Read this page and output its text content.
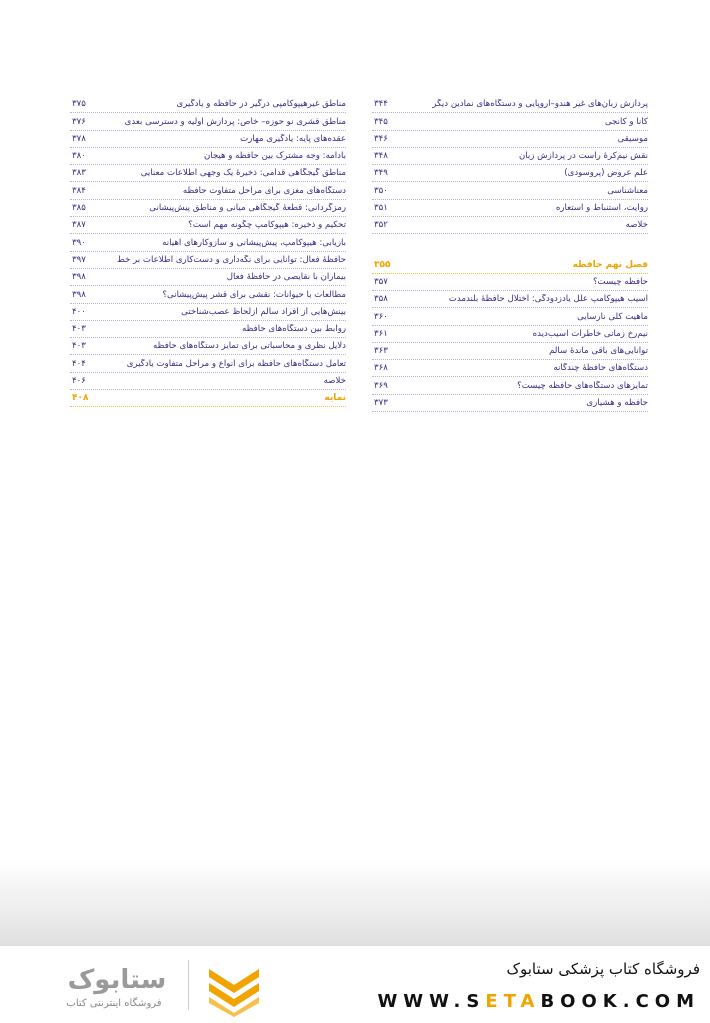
پردازش زبان‌های غیر هندو–اروپایی و دستگاه‌های نمادین دیگر
۳۴۴
کانا و کانجی
۳۴۵
موسیقی
۳۴۶
نقش نیم‌کرهٔ راست در پردازش زبان
۳۴۸
علم عروض (پروسودی)
۳۴۹
معناشناسی
۳۵۰
روایت، استنباط و استعاره
۳۵۱
خلاصه
۳۵۲
فصل نهم حافظه
۳۵۵
حافظه چیست؟
۳۵۷
آسیب هیپوکامپ علل یادزدودگی: اختلال حافظهٔ بلندمدت
۳۵۸
ماهیت کلی نارسایی
۳۶۰
نیم‌رخ زمانی خاطرات آسیب‌دیده
۳۶۱
توانایی‌های باقی ماندهٔ سالم
۳۶۳
دستگاه‌های حافظهٔ چندگانه
۳۶۸
تمایزهای دستگاه‌های حافظه چیست؟
۳۶۹
حافظه و هشیاری
۳۷۳
مناطق غیرهیپوکامپی درگیر در حافظه و یادگیری
۳۷۵
مناطق قشری نو حوزه– خاص: پردازش اولیه و دسترسی بعدی
۳۷۶
عقده‌های پایه: یادگیری مهارت
۳۷۸
بادامه: وجه مشترک بین حافظه و هیجان
۳۸۰
مناطق گیجگاهی قدامی: ذخیرهٔ یک وجهی اطلاعات معنایی
۳۸۳
دستگاه‌های مغزی برای مراحل متفاوت حافظه
۳۸۴
رمزگردانی: قطعهٔ گیجگاهی میانی و مناطق پیش‌پیشانی
۳۸۵
تحکیم و ذخیره: هیپوکامپ چگونه مهم است؟
۳۸۷
بازیابی: هیپوکامپ، پیش‌پیشانی و سازوکارهای آهیانه
۳۹۰
حافظهٔ فعال: توانایی برای نگه‌داری و دست‌کاری اطلاعات بر خط
۳۹۷
بیماران با نقایصی در حافظهٔ فعال
۳۹۸
مطالعات با حیوانات: نقشی برای قشر پیش‌پیشانی؟
۳۹۸
بینش‌هایی از افراد سالم ازلحاظ عصب‌شناختی
۴۰۰
روابط بین دستگاه‌های حافظه
۴۰۳
دلایل نظری و محاسباتی برای تمایز دستگاه‌های حافظه
۴۰۳
تعامل دستگاه‌های حافظه برای انواع و مراحل متفاوت یادگیری
۴۰۴
خلاصه
۴۰۶
نمایه
۴۰۸
فروشگاه کتاب پزشکی ستابوک
WWW.SETABOOK.COM
ستابوک
فروشگاه اینترنتی کتاب
